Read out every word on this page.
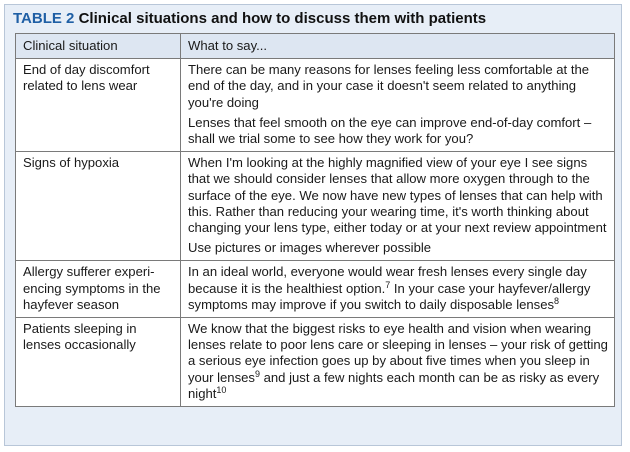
TABLE 2 Clinical situations and how to discuss them with patients
Clinical situation	What to say...
End of day discomfort related to lens wear	There can be many reasons for lenses feeling less comfortable at the end of the day, and in your case it doesn't seem related to anything you're doing

Lenses that feel smooth on the eye can improve end-of-day comfort – shall we trial some to see how they work for you?

Signs of hypoxia	When I'm looking at the highly magnified view of your eye I see signs that we should consider lenses that allow more oxygen through to the surface of the eye. We now have new types of lenses that can help with this. Rather than reducing your wearing time, it's worth thinking about changing your lens type, either today or at your next review appointment

Use pictures or images wherever possible

Allergy sufferer experi-encing symptoms in the hayfever season	In an ideal world, everyone would wear fresh lenses every single day because it is the healthiest option.$^7$ In your case your hayfever/allergy symptoms may improve if you switch to daily disposable lenses$^8$

Patients sleeping in lenses occasionally	We know that the biggest risks to eye health and vision when wearing lenses relate to poor lens care or sleeping in lenses – your risk of getting a serious eye infection goes up by about five times when you sleep in your lenses$^9$ and just a few nights each month can be as risky as every night$^{10}$
